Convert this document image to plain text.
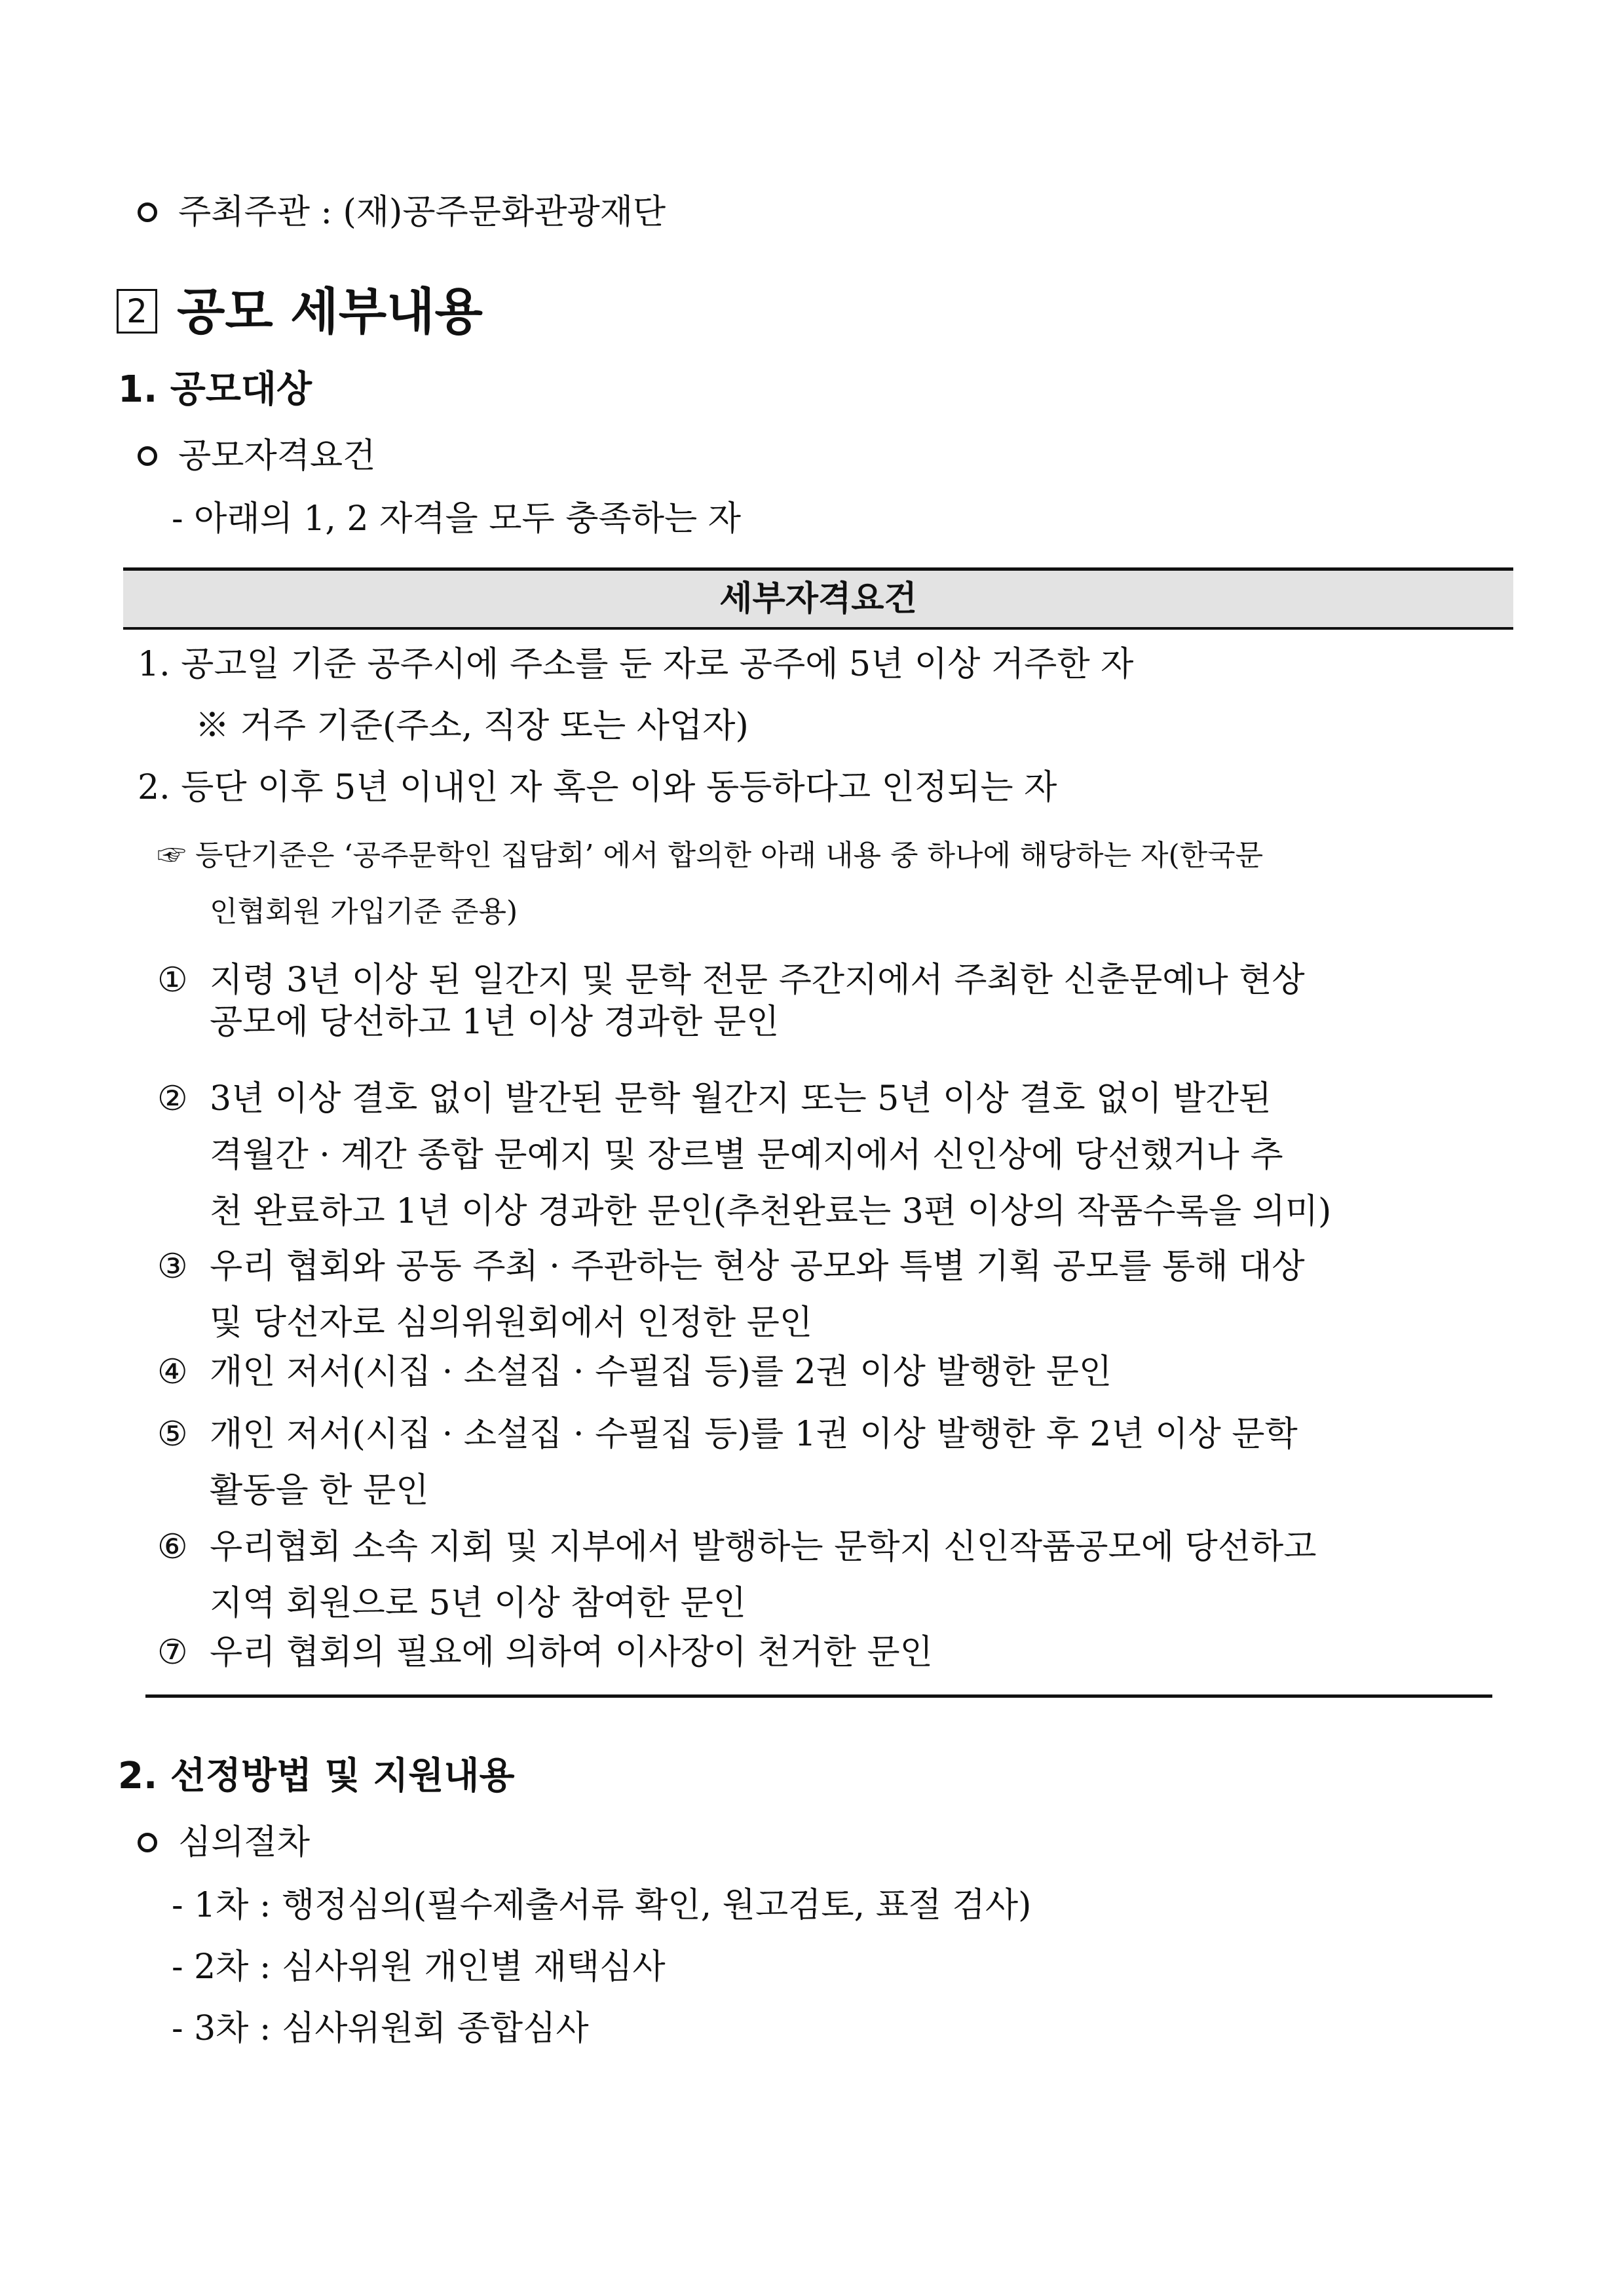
주최주관 : (재)공주문화관광재단
2 공모 세부내용
1. 공모대상
공모자격요건
- 아래의 1, 2 자격을 모두 충족하는 자
세부자격요건
1. 공고일 기준 공주시에 주소를 둔 자로 공주에 5년 이상 거주한 자
※ 거주 기준(주소, 직장 또는 사업자)
2. 등단 이후 5년 이내인 자 혹은 이와 동등하다고 인정되는 자
☞ 등단기준은 ‘공주문학인 집담회’ 에서 합의한 아래 내용 중 하나에 해당하는 자(한국문
인협회원 가입기준 준용)
① 지령 3년 이상 된 일간지 및 문학 전문 주간지에서 주최한 신춘문예나 현상
공모에 당선하고 1년 이상 경과한 문인
② 3년 이상 결호 없이 발간된 문학 월간지 또는 5년 이상 결호 없이 발간된
격월간 · 계간 종합 문예지 및 장르별 문예지에서 신인상에 당선했거나 추
천 완료하고 1년 이상 경과한 문인(추천완료는 3편 이상의 작품수록을 의미)
③ 우리 협회와 공동 주최 · 주관하는 현상 공모와 특별 기획 공모를 통해 대상
및 당선자로 심의위원회에서 인정한 문인
④ 개인 저서(시집 · 소설집 · 수필집 등)를 2권 이상 발행한 문인
⑤ 개인 저서(시집 · 소설집 · 수필집 등)를 1권 이상 발행한 후 2년 이상 문학
활동을 한 문인
⑥ 우리협회 소속 지회 및 지부에서 발행하는 문학지 신인작품공모에 당선하고
지역 회원으로 5년 이상 참여한 문인
⑦ 우리 협회의 필요에 의하여 이사장이 천거한 문인
2. 선정방법 및 지원내용
심의절차
- 1차 : 행정심의(필수제출서류 확인, 원고검토, 표절 검사)
- 2차 : 심사위원 개인별 재택심사
- 3차 : 심사위원회 종합심사
